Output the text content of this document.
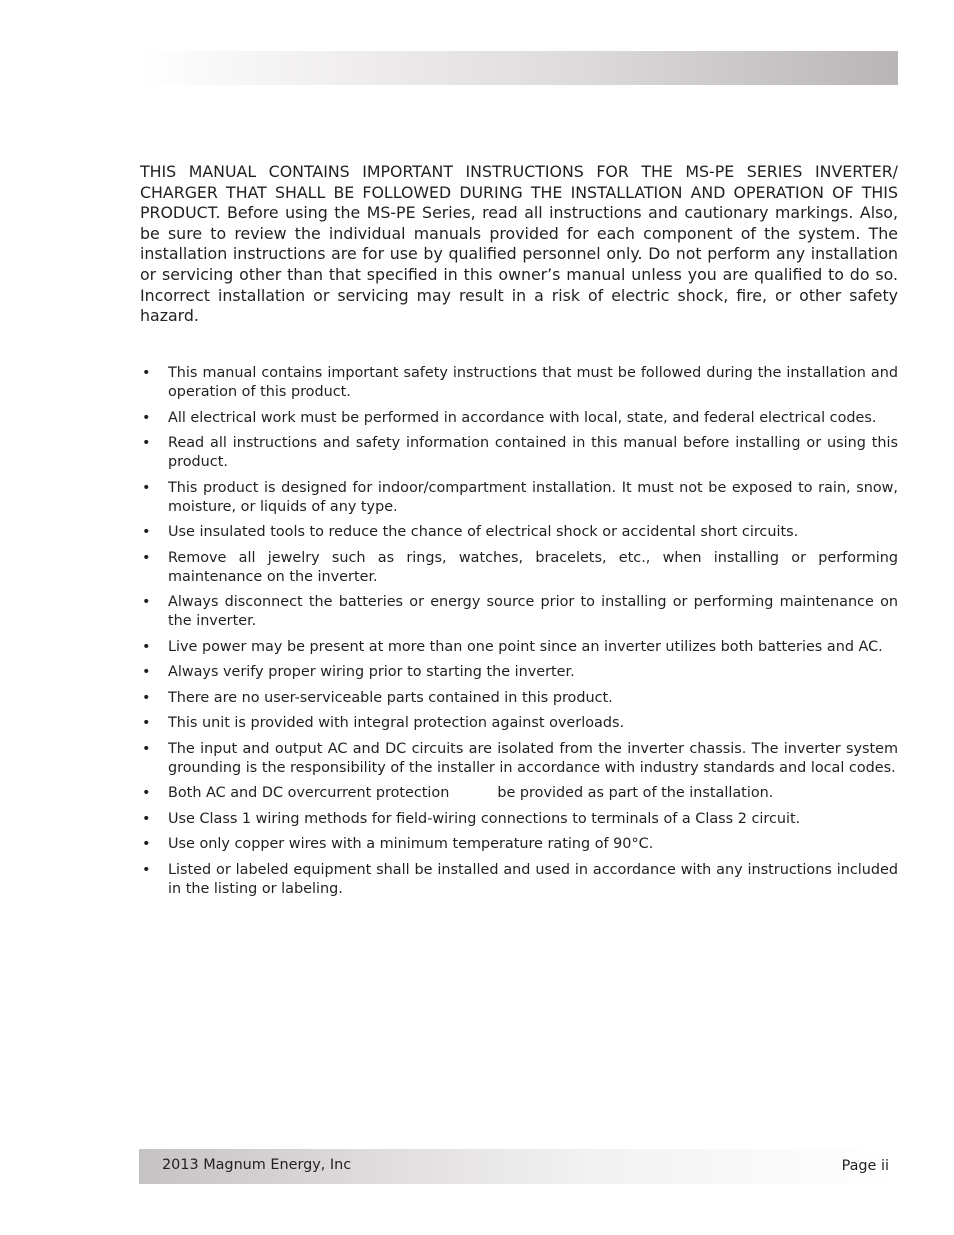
THIS MANUAL CONTAINS IMPORTANT INSTRUCTIONS FOR THE MS-PE SERIES INVERTER/ CHARGER THAT SHALL BE FOLLOWED DURING THE INSTALLATION AND OPERATION OF THIS PRODUCT. Before using the MS-PE Series, read all instructions and cautionary markings. Also, be sure to review the individual manuals provided for each component of the system. The installation instructions are for use by qualified personnel only. Do not perform any installation or servicing other than that specified in this owner’s manual unless you are qualified to do so. Incorrect installation or servicing may result in a risk of electric shock, fire, or other safety hazard.

• This manual contains important safety instructions that must be followed during the installation and operation of this product.
• All electrical work must be performed in accordance with local, state, and federal electrical codes.
• Read all instructions and safety information contained in this manual before installing or using this product.
• This product is designed for indoor/compartment installation. It must not be exposed to rain, snow, moisture, or liquids of any type.
• Use insulated tools to reduce the chance of electrical shock or accidental short circuits.
• Remove all jewelry such as rings, watches, bracelets, etc., when installing or performing maintenance on the inverter.
• Always disconnect the batteries or energy source prior to installing or performing maintenance on the inverter.
• Live power may be present at more than one point since an inverter utilizes both batteries and AC.
• Always verify proper wiring prior to starting the inverter.
• There are no user-serviceable parts contained in this product.
• This unit is provided with integral protection against overloads.
• The input and output AC and DC circuits are isolated from the inverter chassis. The inverter system grounding is the responsibility of the installer in accordance with industry standards and local codes.
• Both AC and DC overcurrent protection	be provided as part of the installation.
• Use Class 1 wiring methods for field-wiring connections to terminals of a Class 2 circuit.
• Use only copper wires with a minimum temperature rating of 90°C.
• Listed or labeled equipment shall be installed and used in accordance with any instructions included in the listing or labeling.
2013 Magnum Energy, Inc	Page ii
